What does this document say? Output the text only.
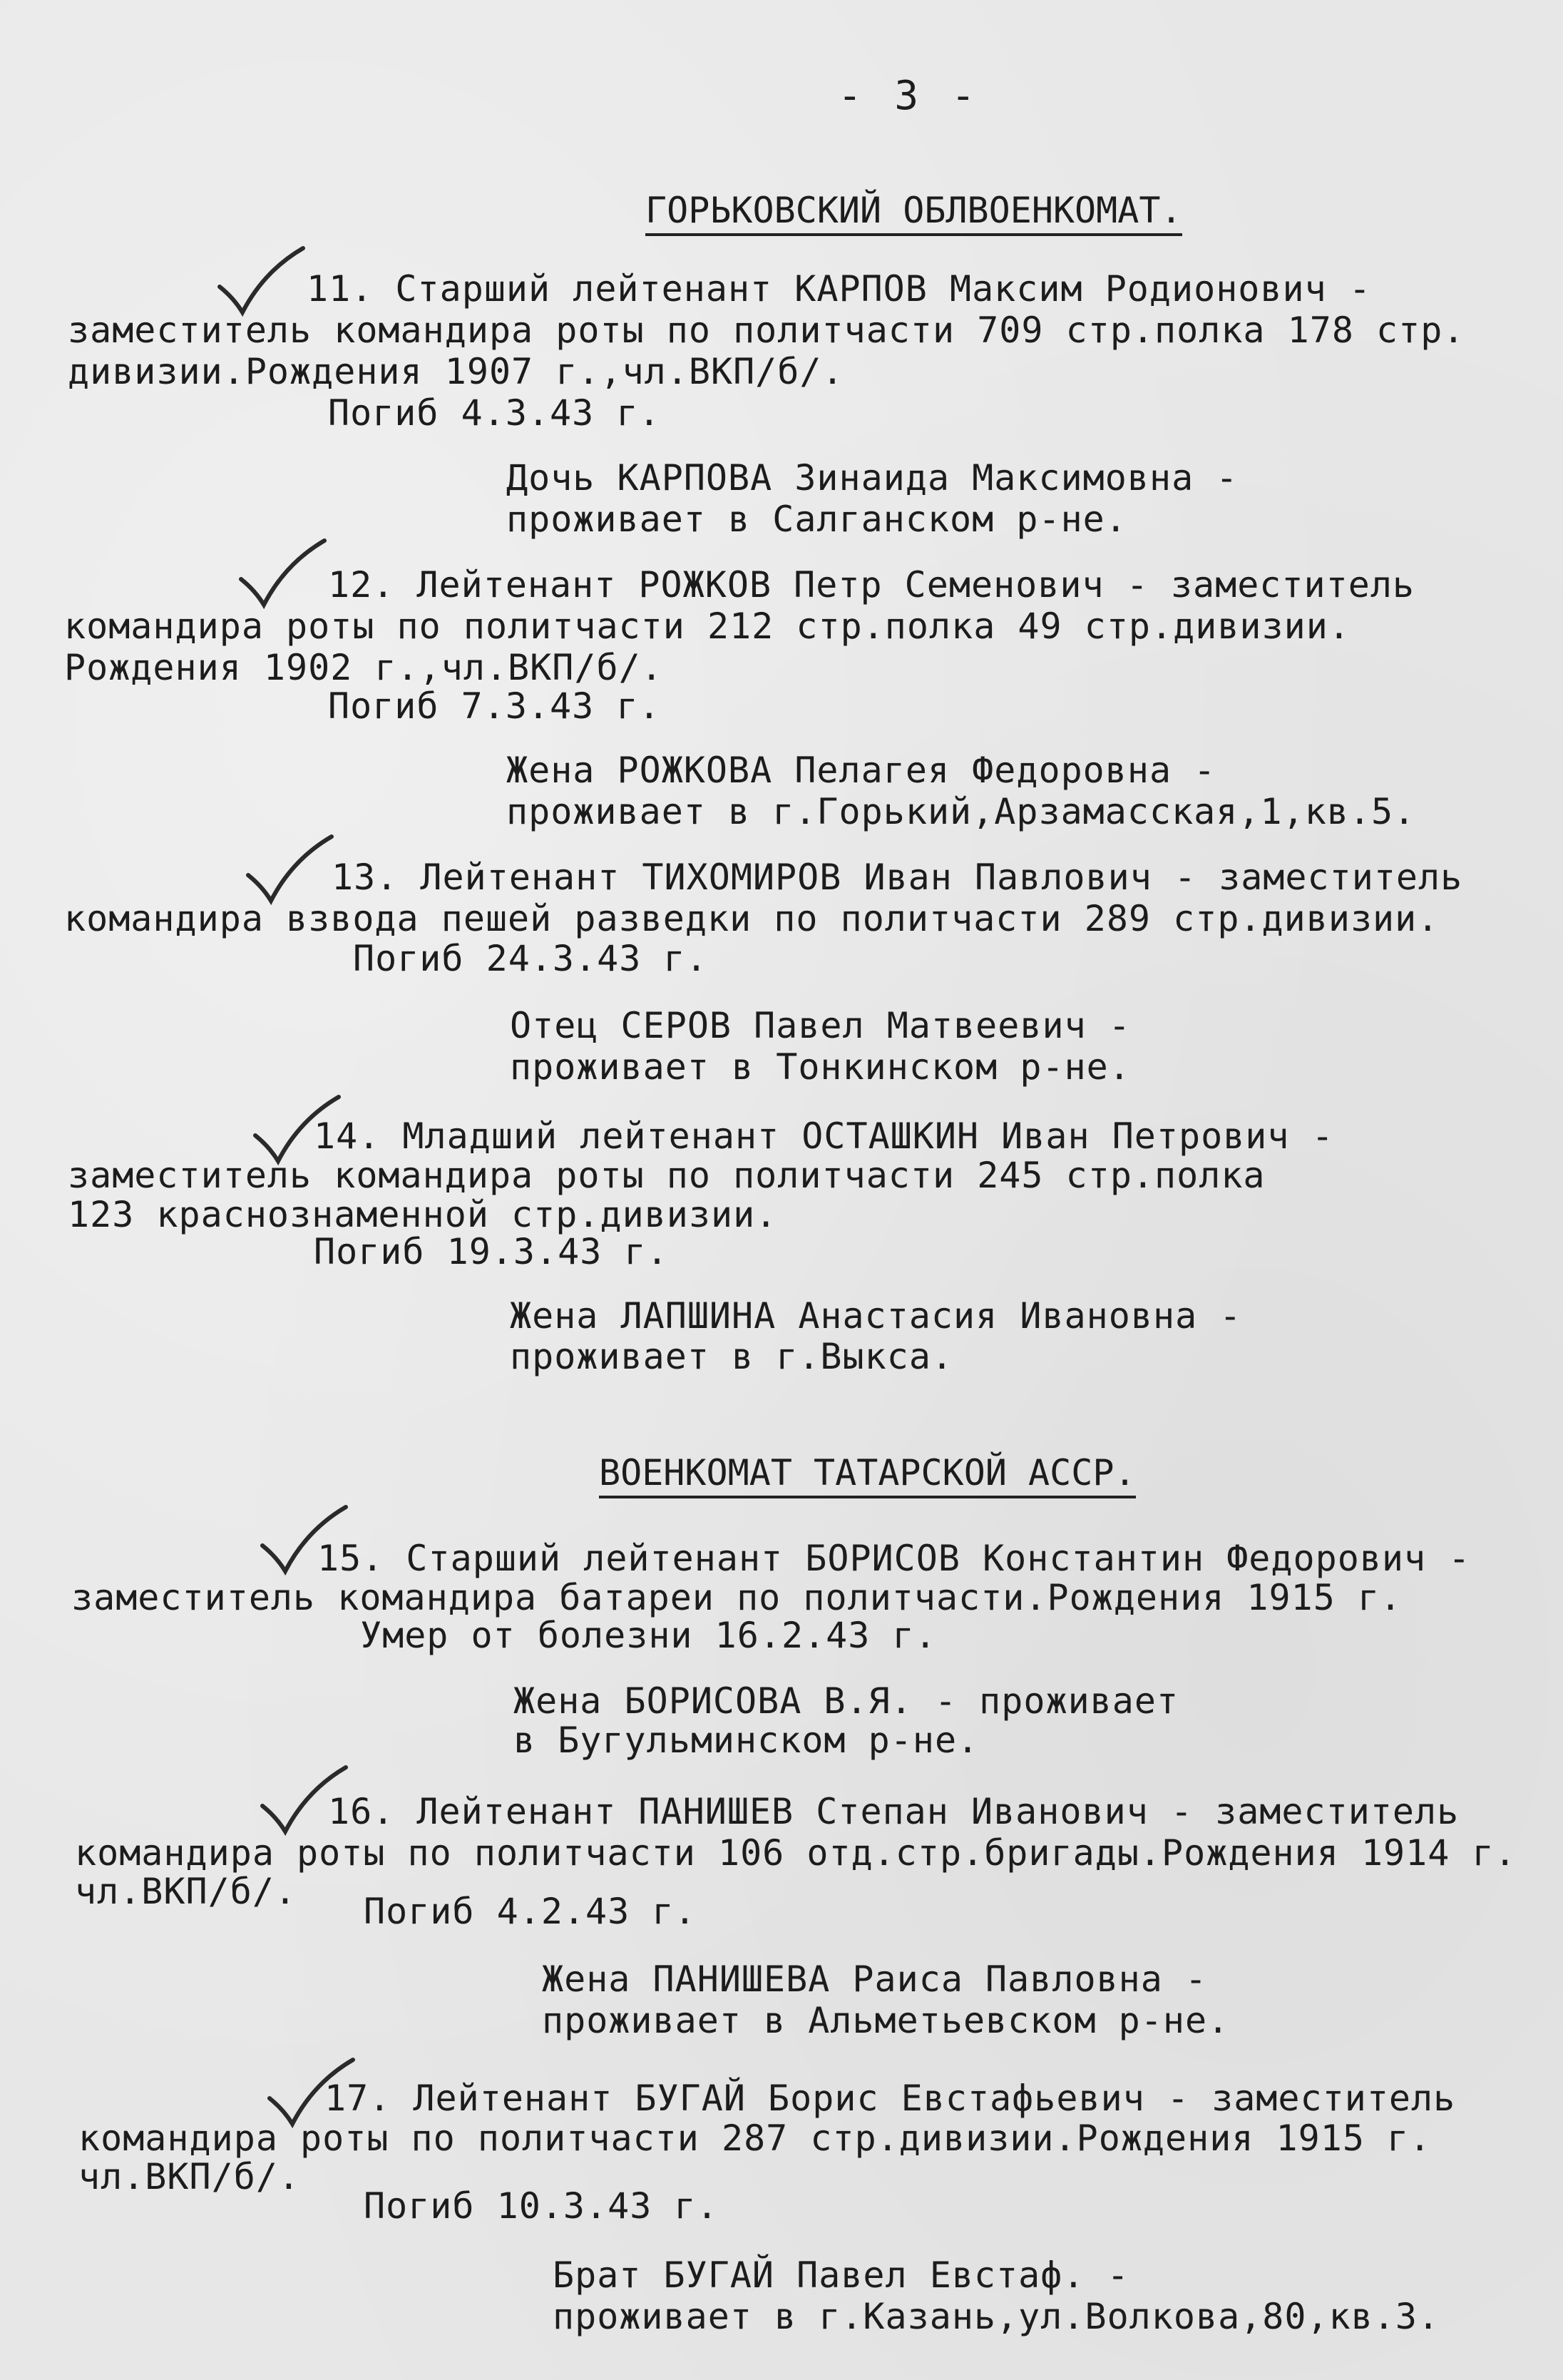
- 3 -
ГОРЬКОВСКИЙ ОБЛВОЕНКОМАТ.
11. Старший лейтенант КАРПОВ Максим Родионович -
заместитель командира роты по политчасти 709 стр.полка 178 стр.
дивизии.Рождения 1907 г.,чл.ВКП/б/.
Погиб 4.3.43 г.
Дочь КАРПОВА Зинаида Максимовна -
проживает в Салганском р-не.
12. Лейтенант РОЖКОВ Петр Семенович - заместитель
командира роты по политчасти 212 стр.полка 49 стр.дивизии.
Рождения 1902 г.,чл.ВКП/б/.
Погиб 7.3.43 г.
Жена РОЖКОВА Пелагея Федоровна -
проживает в г.Горький,Арзамасская,1,кв.5.
13. Лейтенант ТИХОМИРОВ Иван Павлович - заместитель
командира взвода пешей разведки по политчасти 289 стр.дивизии.
Погиб 24.3.43 г.
Отец СЕРОВ Павел Матвеевич -
проживает в Тонкинском р-не.
14. Младший лейтенант ОСТАШКИН Иван Петрович -
заместитель командира роты по политчасти 245 стр.полка
123 краснознаменной стр.дивизии.
Погиб 19.3.43 г.
Жена ЛАПШИНА Анастасия Ивановна -
проживает в г.Выкса.
ВОЕНКОМАТ ТАТАРСКОЙ АССР.
15. Старший лейтенант БОРИСОВ Константин Федорович -
заместитель командира батареи по политчасти.Рождения 1915 г.
Умер от болезни 16.2.43 г.
Жена БОРИСОВА В.Я. - проживает
в Бугульминском р-не.
16. Лейтенант ПАНИШЕВ Степан Иванович - заместитель
командира роты по политчасти 106 отд.стр.бригады.Рождения 1914 г.
чл.ВКП/б/. Погиб 4.2.43 г.
Жена ПАНИШЕВА Раиса Павловна -
проживает в Альметьевском р-не.
17. Лейтенант БУГАЙ Борис Евстафьевич - заместитель
командира роты по политчасти 287 стр.дивизии.Рождения 1915 г.
чл.ВКП/б/.
Погиб 10.3.43 г.
Брат БУГАЙ Павел Евстаф. -
проживает в г.Казань,ул.Волкова,80,кв.3.
